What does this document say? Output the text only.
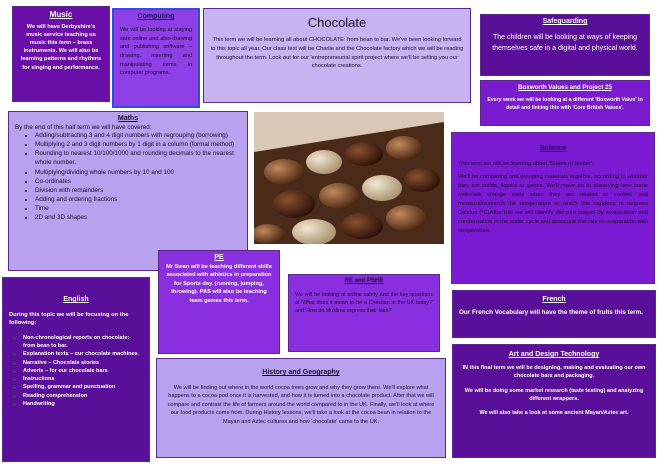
Music

We will have Derbyshire's music service teaching us music this term – brass instruments. We will also be learning patterns and rhythms for singing and performance.

Computing

We will be looking at staying safe online and also drawing and publishing software – drawing, inserting and manipulating items in computer programs.

Chocolate

This term we will be learning all about CHOCOLATE: from bean to bar. We've been looking forward to this topic all year. Our class text will be Charlie and the Chocolate factory which we will be reading throughout the term. Look out for our 'entrepreneurial spirit project where we'll be selling you our chocolate creations.

Safeguarding

The children will be looking at ways of keeping themselves safe in a digital and physical world.

Boxworth Values and Project 25

Every week we will be looking at a different 'Boxworth Value' in detail and linking this with 'Core British Values'.

Maths

By the end of this half term we will have covered:

• Adding/subtracting 3 and 4 digit numbers with regrouping (borrowing)
• Multiplying 2 and 3 digit numbers by 1 digit in a column (formal method)
• Rounding to nearest 10/100/1000 and rounding decimals to the nearest whole number.
• Multiplying/dividing whole numbers by 10 and 100
• Co-ordinates
• Division with remainders
• Adding and ordering fractions
• Time
• 2D and 3D shapes
Science

This term we will be learning about 'States of Matter'.

We'll be comparing and grouping materials together, according to whether they are solids, liquids or gases. We'll move on to observing how some materials change state when they are heated or cooled, and measure/research the temperature at which this happens in degrees Celsius (°C)After this we will identify the part played by evaporation and condensation in the water cycle and associate the rate of evaporation with temperature.

English

During this topic we will be focusing on the following:

• Non-chronological reports on chocolate: from bean to bar.
• Explanation texts – our chocolate machines.
• Narrative – Chocolate stories
• Adverts – for our chocolate bars
• Instructions
• Spelling, grammar and punctuation
• Reading comprehension
• Handwriting
PE

Mr Swan will be teaching different skills associated with athletics in preparation for Sports day. (running, jumping, throwing). PAS will also be teaching team games this term.

RE and PSHE

We will be looking at online safety and the key questions of 'What does it mean to be a Christian in the UK today?' and 'How do Muslims express their faith?'

History and Geography

We will be finding out where in the world cocoa trees grow and why they grow there. We'll explore what happens to a cocoa pod once it is harvested, and how it is turned into a chocolate product. After that we will compare and contrast the life of farmers around the world compared to in the UK. Finally, we'll look at where our food products come from. During History lessons, we'll take a look at the cocoa bean in relation to the Mayan and Aztec cultures and how 'chocolate' came to the UK.

French

Our French Vocabulary will have the theme of fruits this term.

Art and Design Technology

IN this final term we will be designing, making and evaluating our own chocolate bars and packaging.

We will be doing some market research (taste testing) and analyzing different wrappers.

We will also take a look at some ancient Mayan/Aztec art.
